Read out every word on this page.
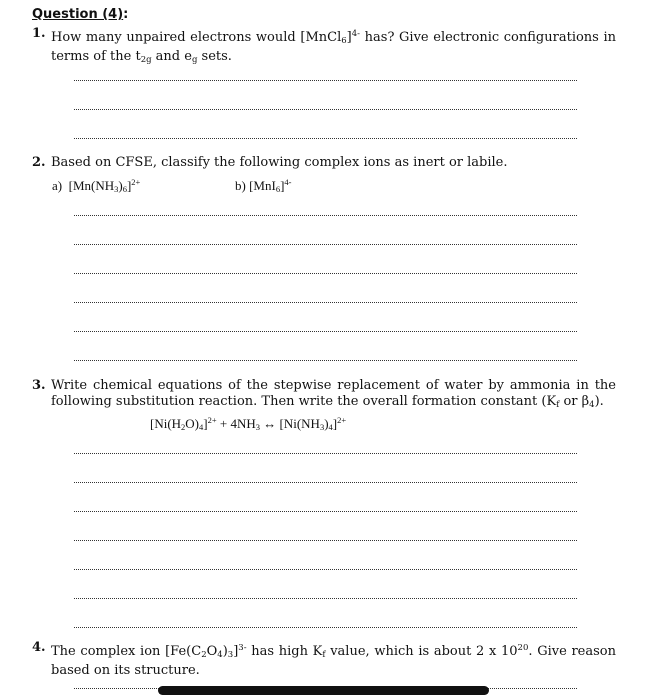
Question (4):
1. How many unpaired electrons would [MnCl$_6$]$^{4-}$ has? Give electronic configurations in
terms of the $t_{2g}$ and $e_g$ sets.
2. Based on CFSE, classify the following complex ions as inert or labile.
a) $[Mn(NH_3)_6]^{2+}$	b) $[MnI_6]^{4-}$
3. Write chemical equations of the stepwise replacement of water by ammonia in the
following substitution reaction. Then write the overall formation constant ($K_f$ or $\beta_4$).
$[Ni(H_2O)_4]^{2+} + 4NH_3$ ↔ $[Ni(NH_3)_4]^{2+}$
4. The complex ion $[Fe(C_2O_4)_3]^{3-}$ has high $K_f$ value, which is about 2 x $10^{20}$. Give reason
based on its structure.
